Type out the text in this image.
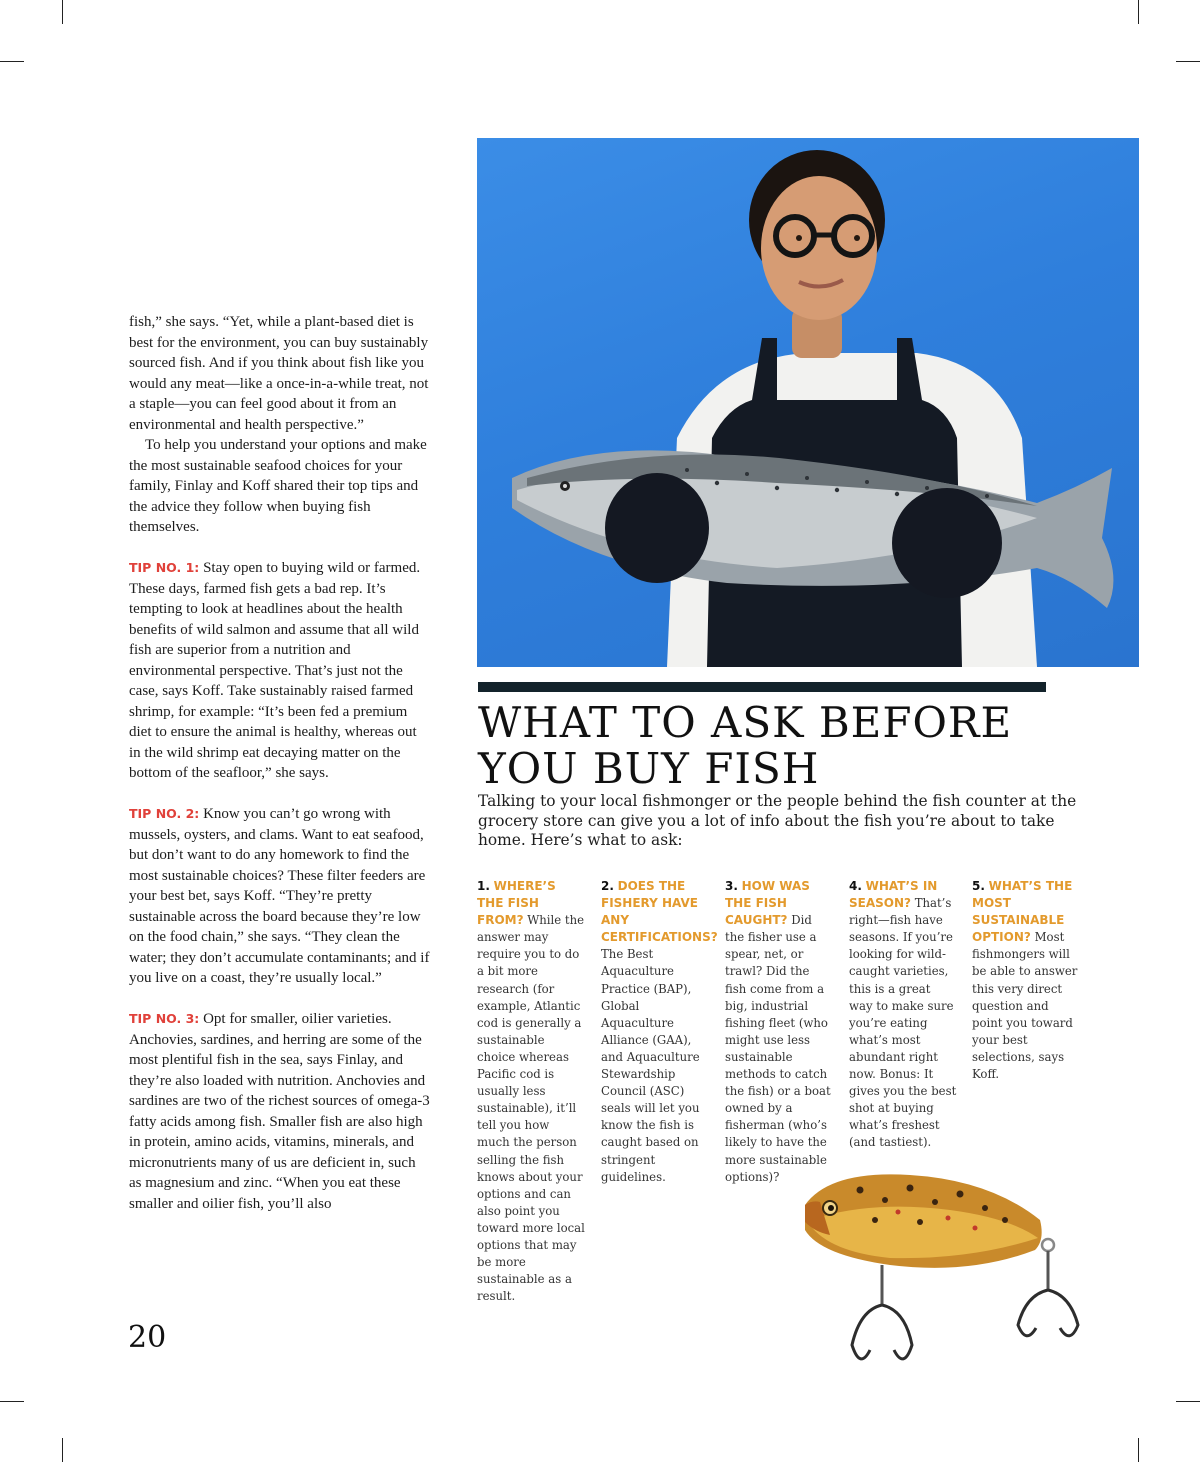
fish,” she says. “Yet, while a plant-based diet is best for the environment, you can buy sustainably sourced fish. And if you think about fish like you would any meat—like a once-in-a-while treat, not a staple—you can feel good about it from an environmental and health perspective.”

To help you understand your options and make the most sustainable seafood choices for your family, Finlay and Koff shared their top tips and the advice they follow when buying fish themselves.

TIP NO. 1: Stay open to buying wild or farmed. These days, farmed fish gets a bad rep. It’s tempting to look at headlines about the health benefits of wild salmon and assume that all wild fish are superior from a nutrition and environmental perspective. That’s just not the case, says Koff. Take sustainably raised farmed shrimp, for example: “It’s been fed a premium diet to ensure the animal is healthy, whereas out in the wild shrimp eat decaying matter on the bottom of the seafloor,” she says.

TIP NO. 2: Know you can’t go wrong with mussels, oysters, and clams. Want to eat seafood, but don’t want to do any homework to find the most sustainable choices? These filter feeders are your best bet, says Koff. “They’re pretty sustainable across the board because they’re low on the food chain,” she says. “They clean the water; they don’t accumulate contaminants; and if you live on a coast, they’re usually local.”

TIP NO. 3: Opt for smaller, oilier varieties. Anchovies, sardines, and herring are some of the most plentiful fish in the sea, says Finlay, and they’re also loaded with nutrition. Anchovies and sardines are two of the richest sources of omega-3 fatty acids among fish. Smaller fish are also high in protein, amino acids, vitamins, minerals, and micronutrients many of us are deficient in, such as magnesium and zinc. “When you eat these smaller and oilier fish, you’ll also

20
WHAT TO ASK BEFORE
YOU BUY FISH

Talking to your local fishmonger or the people behind the fish counter at the grocery store can give you a lot of info about the fish you’re about to take home. Here’s what to ask:

1. WHERE’S THE FISH FROM? While the answer may require you to do a bit more research (for example, Atlantic cod is generally a sustainable choice whereas Pacific cod is usually less sustainable), it’ll tell you how much the person selling the fish knows about your options and can also point you toward more local options that may be more sustainable as a result.
2. DOES THE FISHERY HAVE ANY CERTIFICATIONS? The Best Aquaculture Practice (BAP), Global Aquaculture Alliance (GAA), and Aquaculture Stewardship Council (ASC) seals will let you know the fish is caught based on stringent guidelines.
3. HOW WAS THE FISH CAUGHT? Did the fisher use a spear, net, or trawl? Did the fish come from a big, industrial fishing fleet (who might use less sustainable methods to catch the fish) or a boat owned by a fisherman (who’s likely to have the more sustainable options)?
4. WHAT’S IN SEASON? That’s right—fish have seasons. If you’re looking for wild-caught varieties, this is a great way to make sure you’re eating what’s most abundant right now. Bonus: It gives you the best shot at buying what’s freshest (and tastiest).
5. WHAT’S THE MOST SUSTAINABLE OPTION? Most fishmongers will be able to answer this very direct question and point you toward your best selections, says Koff.
